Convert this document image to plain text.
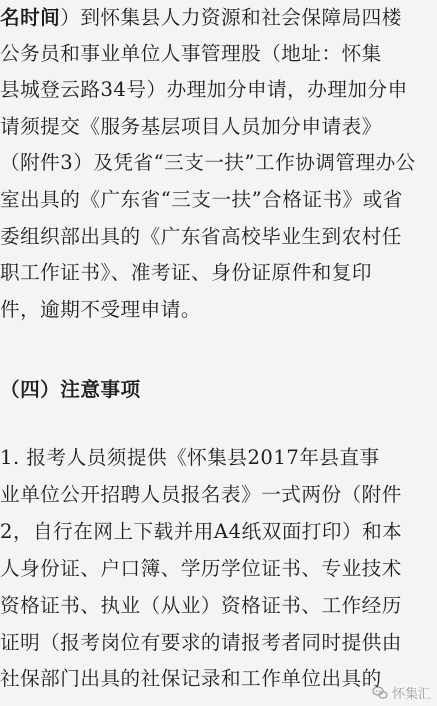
名时间）到怀集县人力资源和社会保障局四楼
公务员和事业单位人事管理股（地址：怀集
县城登云路34号）办理加分申请，办理加分申
请须提交《服务基层项目人员加分申请表》
（附件3）及凭省“三支一扶”工作协调管理办公
室出具的《广东省“三支一扶”合格证书》或省
委组织部出具的《广东省高校毕业生到农村任
职工作证书》、准考证、身份证原件和复印
件，逾期不受理申请。
（四）注意事项
1. 报考人员须提供《怀集县2017年县直事
业单位公开招聘人员报名表》一式两份（附件
2，自行在网上下载并用A4纸双面打印）和本
人身份证、户口簿、学历学位证书、专业技术
资格证书、执业（从业）资格证书、工作经历
证明（报考岗位有要求的请报考者同时提供由
社保部门出具的社保记录和工作单位出具的
怀集汇
